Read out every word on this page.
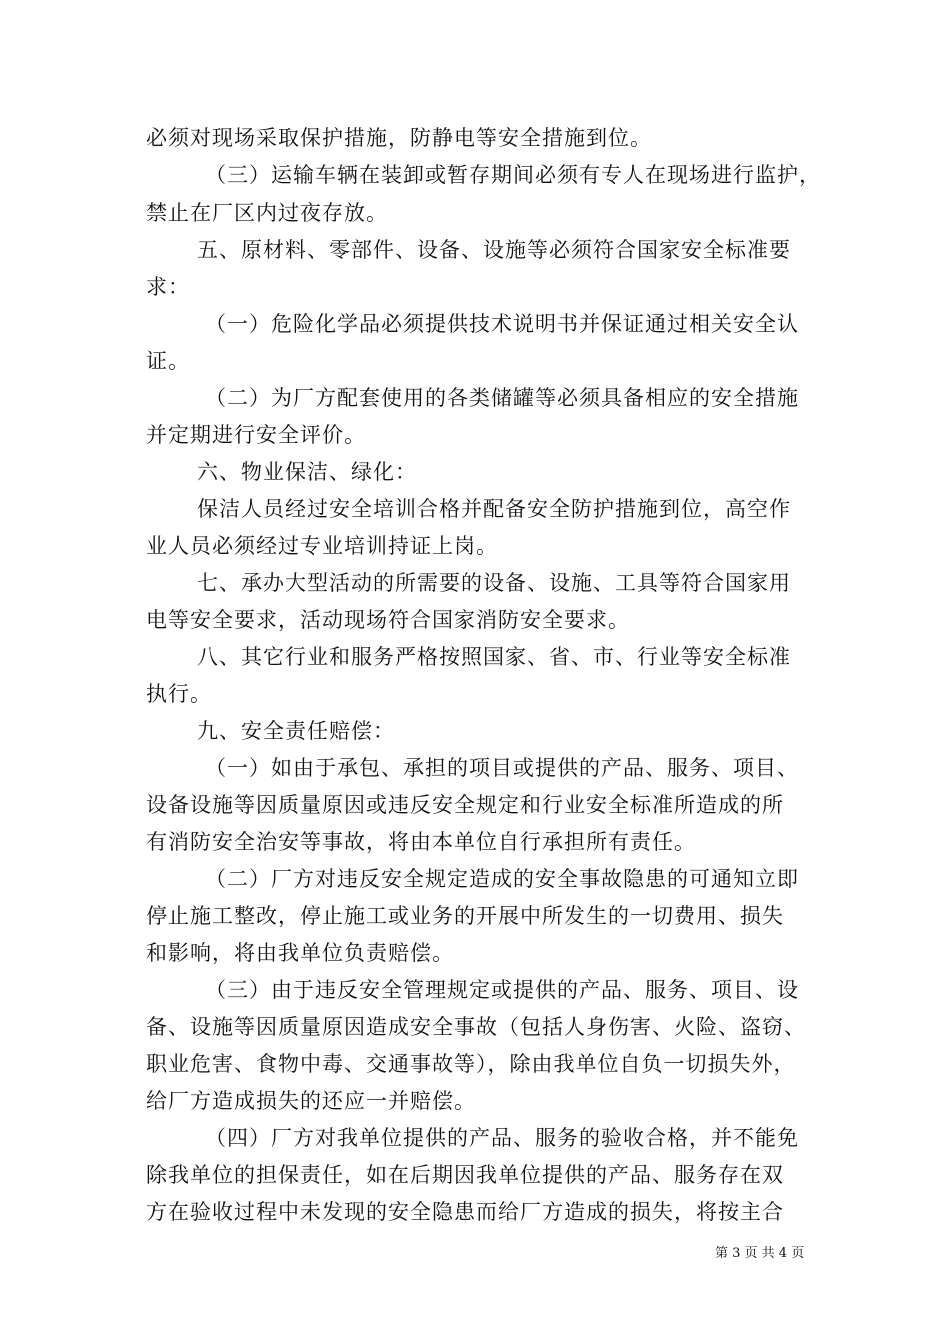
必须对现场采取保护措施，防静电等安全措施到位。
（三）运输车辆在装卸或暂存期间必须有专人在现场进行监护，
禁止在厂区内过夜存放。
五、原材料、零部件、设备、设施等必须符合国家安全标准要
求：
（一）危险化学品必须提供技术说明书并保证通过相关安全认
证。
（二）为厂方配套使用的各类储罐等必须具备相应的安全措施
并定期进行安全评价。
六、物业保洁、绿化：
保洁人员经过安全培训合格并配备安全防护措施到位，高空作
业人员必须经过专业培训持证上岗。
七、承办大型活动的所需要的设备、设施、工具等符合国家用
电等安全要求，活动现场符合国家消防安全要求。
八、其它行业和服务严格按照国家、省、市、行业等安全标准
执行。
九、安全责任赔偿：
（一）如由于承包、承担的项目或提供的产品、服务、项目、
设备设施等因质量原因或违反安全规定和行业安全标准所造成的所
有消防安全治安等事故，将由本单位自行承担所有责任。
（二）厂方对违反安全规定造成的安全事故隐患的可通知立即
停止施工整改，停止施工或业务的开展中所发生的一切费用、损失
和影响，将由我单位负责赔偿。
（三）由于违反安全管理规定或提供的产品、服务、项目、设
备、设施等因质量原因造成安全事故（包括人身伤害、火险、盗窃、
职业危害、食物中毒、交通事故等），除由我单位自负一切损失外，
给厂方造成损失的还应一并赔偿。
（四）厂方对我单位提供的产品、服务的验收合格，并不能免
除我单位的担保责任，如在后期因我单位提供的产品、服务存在双
方在验收过程中未发现的安全隐患而给厂方造成的损失，将按主合
第 3 页 共 4 页
